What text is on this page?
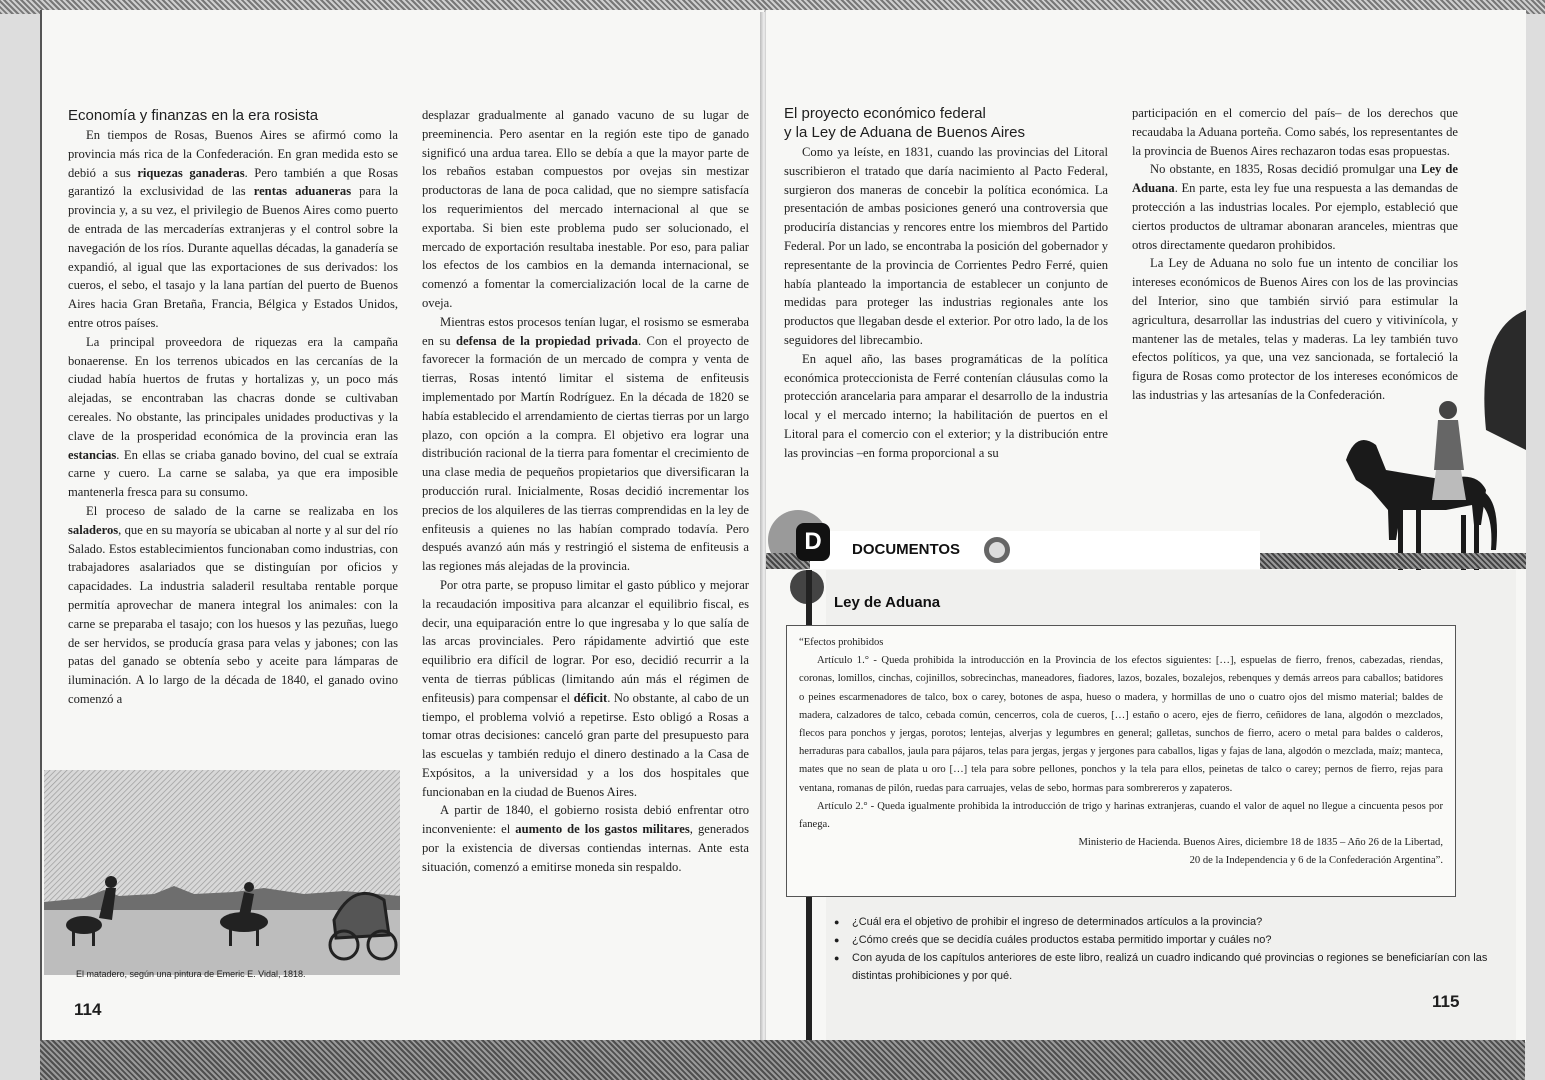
Economía y finanzas en la era rosista

En tiempos de Rosas, Buenos Aires se afirmó como la provincia más rica de la Confederación. En gran medida esto se debió a sus riquezas ganaderas. Pero también a que Rosas garantizó la exclusividad de las rentas aduaneras para la provincia y, a su vez, el privilegio de Buenos Aires como puerto de entrada de las mercaderías extranjeras y el control sobre la navegación de los ríos. Durante aquellas décadas, la ganadería se expandió, al igual que las exportaciones de sus derivados: los cueros, el sebo, el tasajo y la lana partían del puerto de Buenos Aires hacia Gran Bretaña, Francia, Bélgica y Estados Unidos, entre otros países.

La principal proveedora de riquezas era la campaña bonaerense. En los terrenos ubicados en las cercanías de la ciudad había huertos de frutas y hortalizas y, un poco más alejadas, se encontraban las chacras donde se cultivaban cereales. No obstante, las principales unidades productivas y la clave de la prosperidad económica de la provincia eran las estancias. En ellas se criaba ganado bovino, del cual se extraía carne y cuero. La carne se salaba, ya que era imposible mantenerla fresca para su consumo.

El proceso de salado de la carne se realizaba en los saladeros, que en su mayoría se ubicaban al norte y al sur del río Salado. Estos establecimientos funcionaban como industrias, con trabajadores asalariados que se distinguían por oficios y capacidades. La industria saladeril resultaba rentable porque permitía aprovechar de manera integral los animales: con la carne se preparaba el tasajo; con los huesos y las pezuñas, luego de ser hervidos, se producía grasa para velas y jabones; con las patas del ganado se obtenía sebo y aceite para lámparas de iluminación. A lo largo de la década de 1840, el ganado ovino comenzó a

El matadero, según una pintura de Emeric E. Vidal, 1818.

desplazar gradualmente al ganado vacuno de su lugar de preeminencia. Pero asentar en la región este tipo de ganado significó una ardua tarea. Ello se debía a que la mayor parte de los rebaños estaban compuestos por ovejas sin mestizar productoras de lana de poca calidad, que no siempre satisfacía los requerimientos del mercado internacional al que se exportaba. Si bien este problema pudo ser solucionado, el mercado de exportación resultaba inestable. Por eso, para paliar los efectos de los cambios en la demanda internacional, se comenzó a fomentar la comercialización local de la carne de oveja.

Mientras estos procesos tenían lugar, el rosismo se esmeraba en su defensa de la propiedad privada. Con el proyecto de favorecer la formación de un mercado de compra y venta de tierras, Rosas intentó limitar el sistema de enfiteusis implementado por Martín Rodríguez. En la década de 1820 se había establecido el arrendamiento de ciertas tierras por un largo plazo, con opción a la compra. El objetivo era lograr una distribución racional de la tierra para fomentar el crecimiento de una clase media de pequeños propietarios que diversificaran la producción rural. Inicialmente, Rosas decidió incrementar los precios de los alquileres de las tierras comprendidas en la ley de enfiteusis a quienes no las habían comprado todavía. Pero después avanzó aún más y restringió el sistema de enfiteusis a las regiones más alejadas de la provincia.

Por otra parte, se propuso limitar el gasto público y mejorar la recaudación impositiva para alcanzar el equilibrio fiscal, es decir, una equiparación entre lo que ingresaba y lo que salía de las arcas provinciales. Pero rápidamente advirtió que este equilibrio era difícil de lograr. Por eso, decidió recurrir a la venta de tierras públicas (limitando aún más el régimen de enfiteusis) para compensar el déficit. No obstante, al cabo de un tiempo, el problema volvió a repetirse. Esto obligó a Rosas a tomar otras decisiones: canceló gran parte del presupuesto para las escuelas y también redujo el dinero destinado a la Casa de Expósitos, a la universidad y a los dos hospitales que funcionaban en la ciudad de Buenos Aires.

A partir de 1840, el gobierno rosista debió enfrentar otro inconveniente: el aumento de los gastos militares, generados por la existencia de diversas contiendas internas. Ante esta situación, comenzó a emitirse moneda sin respaldo.

114
El proyecto económico federal
y la Ley de Aduana de Buenos Aires

Como ya leíste, en 1831, cuando las provincias del Litoral suscribieron el tratado que daría nacimiento al Pacto Federal, surgieron dos maneras de concebir la política económica. La presentación de ambas posiciones generó una controversia que produciría distancias y rencores entre los miembros del Partido Federal. Por un lado, se encontraba la posición del gobernador y representante de la provincia de Corrientes Pedro Ferré, quien había planteado la importancia de establecer un conjunto de medidas para proteger las industrias regionales ante los productos que llegaban desde el exterior. Por otro lado, la de los seguidores del librecambio.

En aquel año, las bases programáticas de la política económica proteccionista de Ferré contenían cláusulas como la protección arancelaria para amparar el desarrollo de la industria local y el mercado interno; la habilitación de puertos en el Litoral para el comercio con el exterior; y la distribución entre las provincias –en forma proporcional a su

participación en el comercio del país– de los derechos que recaudaba la Aduana porteña. Como sabés, los representantes de la provincia de Buenos Aires rechazaron todas esas propuestas.

No obstante, en 1835, Rosas decidió promulgar una Ley de Aduana. En parte, esta ley fue una respuesta a las demandas de protección a las industrias locales. Por ejemplo, estableció que ciertos productos de ultramar abonaran aranceles, mientras que otros directamente quedaron prohibidos.

La Ley de Aduana no solo fue un intento de conciliar los intereses económicos de Buenos Aires con los de las provincias del Interior, sino que también sirvió para estimular la agricultura, desarrollar las industrias del cuero y vitivinícola, y mantener las de metales, telas y maderas. La ley también tuvo efectos políticos, ya que, una vez sancionada, se fortaleció la figura de Rosas como protector de los intereses económicos de las industrias y las artesanías de la Confederación.

D	DOCUMENTOS
Ley de Aduana

“Efectos prohibidos

Artículo 1.° - Queda prohibida la introducción en la Provincia de los efectos siguientes: […], espuelas de fierro, frenos, cabezadas, riendas, coronas, lomillos, cinchas, cojinillos, sobrecinchas, maneadores, fiadores, lazos, bozales, bozalejos, rebenques y demás arreos para caballos; batidores o peines escarmenadores de talco, box o carey, botones de aspa, hueso o madera, y hormillas de uno o cuatro ojos del mismo material; baldes de madera, calzadores de talco, cebada común, cencerros, cola de cueros, […] estaño o acero, ejes de fierro, ceñidores de lana, algodón o mezclados, flecos para ponchos y jergas, porotos; lentejas, alverjas y legumbres en general; galletas, sunchos de fierro, acero o metal para baldes o calderos, herraduras para caballos, jaula para pájaros, telas para jergas, jergas y jergones para caballos, ligas y fajas de lana, algodón o mezclada, maíz; manteca, mates que no sean de plata u oro […] tela para sobre pellones, ponchos y la tela para ellos, peinetas de talco o carey; pernos de fierro, rejas para ventana, romanas de pilón, ruedas para carruajes, velas de sebo, hormas para sombrereros y zapateros.

Artículo 2.° - Queda igualmente prohibida la introducción de trigo y harinas extranjeras, cuando el valor de aquel no llegue a cincuenta pesos por fanega.

Ministerio de Hacienda. Buenos Aires, diciembre 18 de 1835 – Año 26 de la Libertad,
20 de la Independencia y 6 de la Confederación Argentina”.

● ¿Cuál era el objetivo de prohibir el ingreso de determinados artículos a la provincia?
● ¿Cómo creés que se decidía cuáles productos estaba permitido importar y cuáles no?
● Con ayuda de los capítulos anteriores de este libro, realizá un cuadro indicando qué provincias o regiones se beneficiarían con las distintas prohibiciones y por qué.
115
